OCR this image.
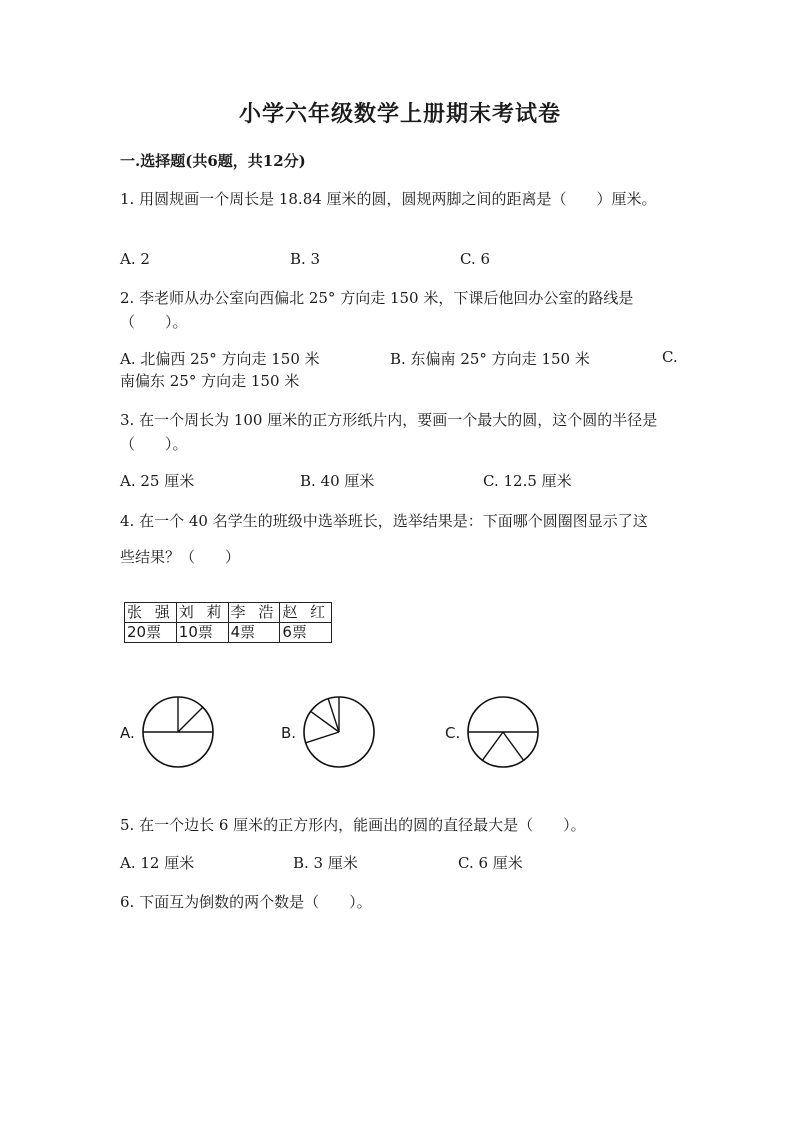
小学六年级数学上册期末考试卷
一.选择题(共6题，共12分)
1. 用圆规画一个周长是 18.84 厘米的圆，圆规两脚之间的距离是（　　）厘米。
A. 2	B. 3	C. 6
2. 李老师从办公室向西偏北 25° 方向走 150 米，下课后他回办公室的路线是（　　）。
A. 北偏西 25° 方向走 150 米	B. 东偏南 25° 方向走 150 米	C.
南偏东 25° 方向走 150 米
3. 在一个周长为 100 厘米的正方形纸片内，要画一个最大的圆，这个圆的半径是（　　）。
A. 25 厘米	B. 40 厘米	C. 12.5 厘米
4. 在一个 40 名学生的班级中选举班长，选举结果是：下面哪个圆圈图显示了这
些结果？（　　）
张 强	刘 莉	李 浩	赵 红
20票	10票	4票	6票
A.	B.	C.
5. 在一个边长 6 厘米的正方形内，能画出的圆的直径最大是（　　）。
A. 12 厘米	B. 3 厘米	C. 6 厘米
6. 下面互为倒数的两个数是（　　）。
